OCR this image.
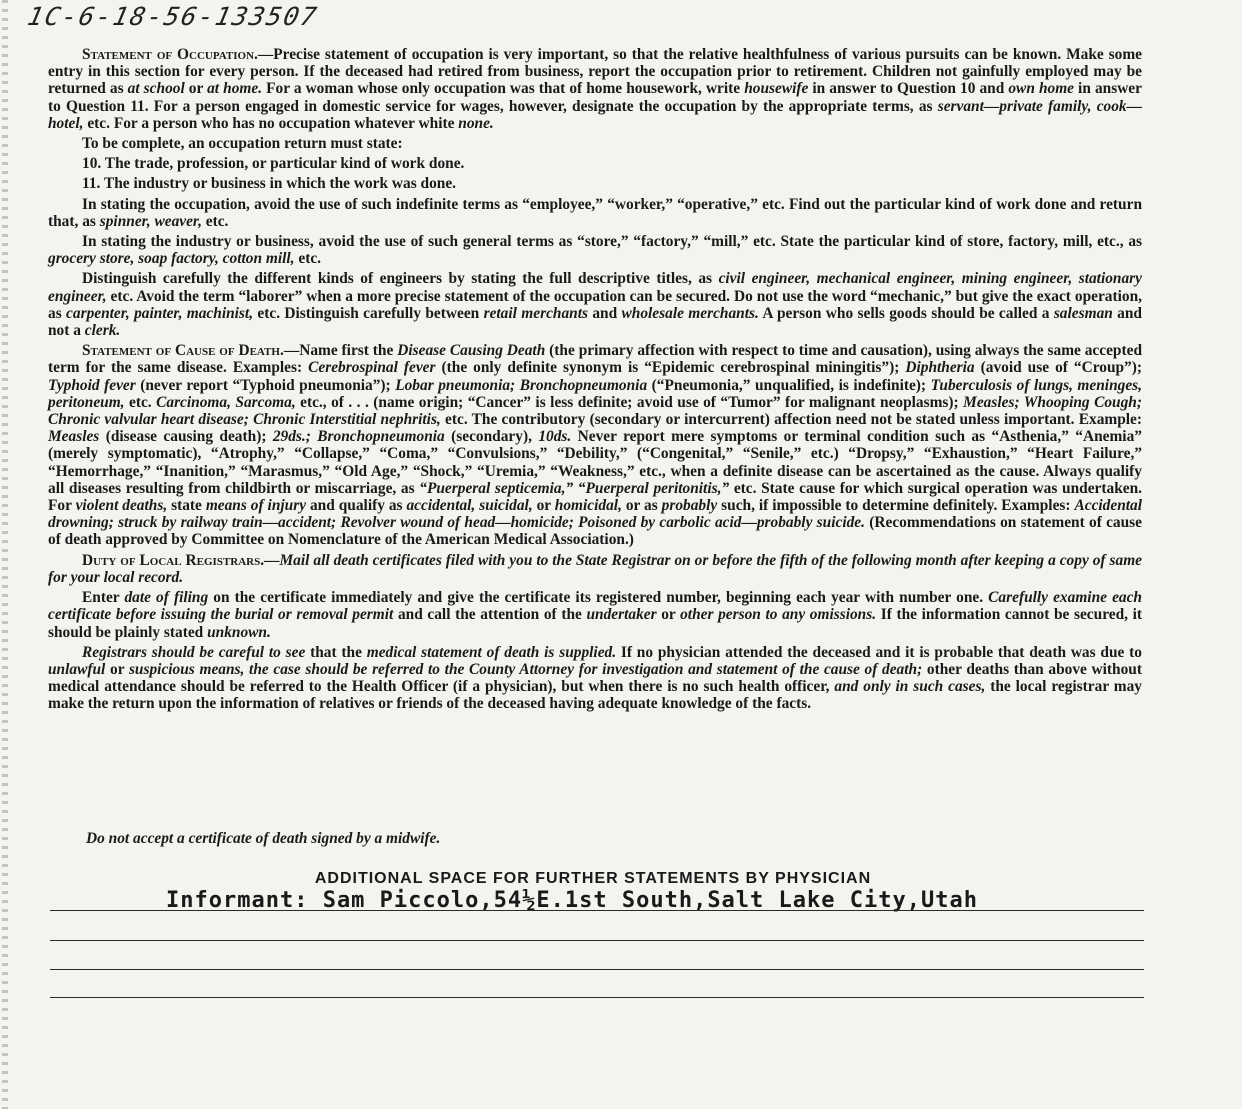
1C-6-18-56-133507

Statement of Occupation.—Precise statement of occupation is very important, so that the relative healthfulness of various pursuits can be known. Make some entry in this section for every person. If the deceased had retired from business, report the occupation prior to retirement. Children not gainfully employed may be returned as at school or at home. For a woman whose only occupation was that of home housework, write housewife in answer to Question 10 and own home in answer to Question 11. For a person engaged in domestic service for wages, however, designate the occupation by the appropriate terms, as servant—private family, cook—hotel, etc. For a person who has no occupation whatever white none.

To be complete, an occupation return must state:

10. The trade, profession, or particular kind of work done.

11. The industry or business in which the work was done.

In stating the occupation, avoid the use of such indefinite terms as “employee,” “worker,” “operative,” etc. Find out the particular kind of work done and return that, as spinner, weaver, etc.

In stating the industry or business, avoid the use of such general terms as “store,” “factory,” “mill,” etc. State the particular kind of store, factory, mill, etc., as grocery store, soap factory, cotton mill, etc.

Distinguish carefully the different kinds of engineers by stating the full descriptive titles, as civil engineer, mechanical engineer, mining engineer, stationary engineer, etc. Avoid the term “laborer” when a more precise statement of the occupation can be secured. Do not use the word “mechanic,” but give the exact operation, as carpenter, painter, machinist, etc. Distinguish carefully between retail merchants and wholesale merchants. A person who sells goods should be called a salesman and not a clerk.

Statement of Cause of Death.—Name first the Disease Causing Death (the primary affection with respect to time and causation), using always the same accepted term for the same disease. Examples: Cerebrospinal fever (the only definite synonym is “Epidemic cerebrospinal miningitis”); Diphtheria (avoid use of “Croup”); Typhoid fever (never report “Typhoid pneumonia”); Lobar pneumonia; Bronchopneumonia (“Pneumonia,” unqualified, is indefinite); Tuberculosis of lungs, meninges, peritoneum, etc. Carcinoma, Sarcoma, etc., of . . . (name origin; “Cancer” is less definite; avoid use of “Tumor” for malignant neoplasms); Measles; Whooping Cough; Chronic valvular heart disease; Chronic Interstitial nephritis, etc. The contributory (secondary or intercurrent) affection need not be stated unless important. Example: Measles (disease causing death); 29ds.; Bronchopneumonia (secondary), 10ds. Never report mere symptoms or terminal condition such as “Asthenia,” “Anemia” (merely symptomatic), “Atrophy,” “Collapse,” “Coma,” “Convulsions,” “Debility,” (“Congenital,” “Senile,” etc.) “Dropsy,” “Exhaustion,” “Heart Failure,” “Hemorrhage,” “Inanition,” “Marasmus,” “Old Age,” “Shock,” “Uremia,” “Weakness,” etc., when a definite disease can be ascertained as the cause. Always qualify all diseases resulting from childbirth or miscarriage, as “Puerperal septicemia,” “Puerperal peritonitis,” etc. State cause for which surgical operation was undertaken. For violent deaths, state means of injury and qualify as accidental, suicidal, or homicidal, or as probably such, if impossible to determine definitely. Examples: Accidental drowning; struck by railway train—accident; Revolver wound of head—homicide; Poisoned by carbolic acid—probably suicide. (Recommendations on statement of cause of death approved by Committee on Nomenclature of the American Medical Association.)

Duty of Local Registrars.—Mail all death certificates filed with you to the State Registrar on or before the fifth of the following month after keeping a copy of same for your local record.

Enter date of filing on the certificate immediately and give the certificate its registered number, beginning each year with number one. Carefully examine each certificate before issuing the burial or removal permit and call the attention of the undertaker or other person to any omissions. If the information cannot be secured, it should be plainly stated unknown.

Registrars should be careful to see that the medical statement of death is supplied. If no physician attended the deceased and it is probable that death was due to unlawful or suspicious means, the case should be referred to the County Attorney for investigation and statement of the cause of death; other deaths than above without medical attendance should be referred to the Health Officer (if a physician), but when there is no such health officer, and only in such cases, the local registrar may make the return upon the information of relatives or friends of the deceased having adequate knowledge of the facts.

Do not accept a certificate of death signed by a midwife.
ADDITIONAL SPACE FOR FURTHER STATEMENTS BY PHYSICIAN
Informant: Sam Piccolo,54½E.1st South,Salt Lake City,Utah
